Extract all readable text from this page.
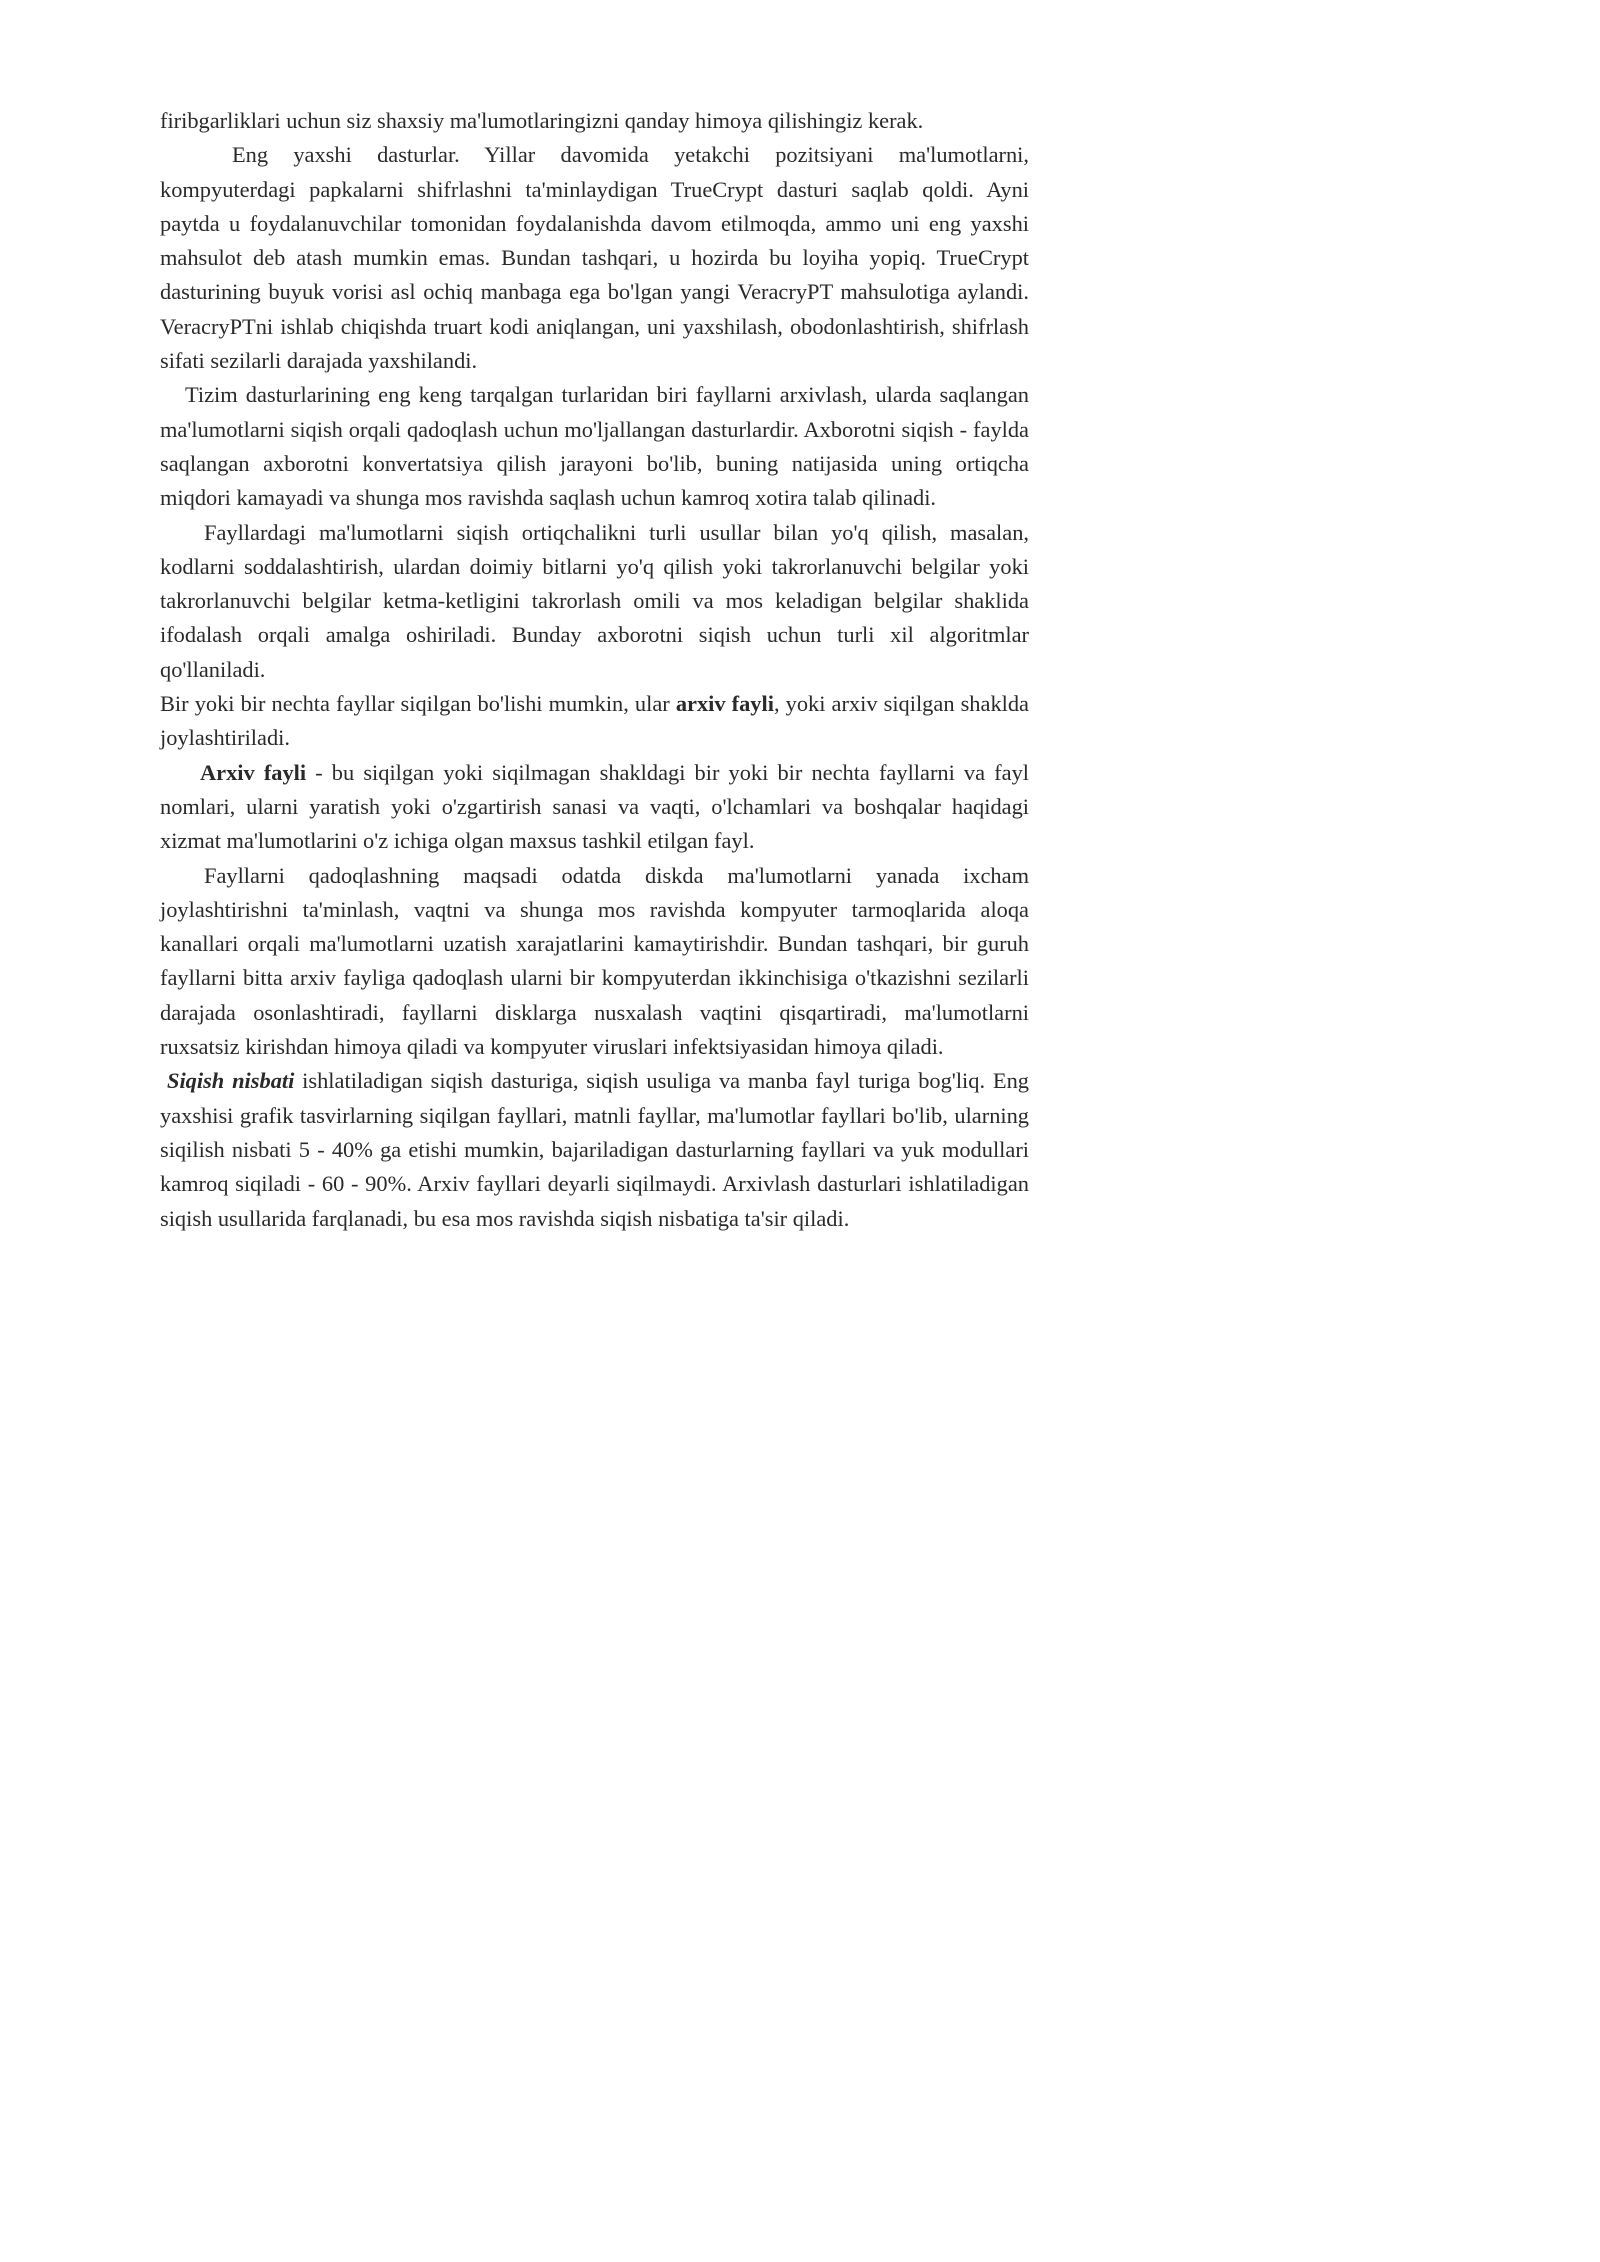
firibgarliklari uchun siz shaxsiy ma'lumotlaringizni qanday himoya qilishingiz kerak.

Eng yaxshi dasturlar. Yillar davomida yetakchi pozitsiyani ma'lumotlarni, kompyuterdagi papkalarni shifrlashni ta'minlaydigan TrueCrypt dasturi saqlab qoldi. Ayni paytda u foydalanuvchilar tomonidan foydalanishda davom etilmoqda, ammo uni eng yaxshi mahsulot deb atash mumkin emas. Bundan tashqari, u hozirda bu loyiha yopiq. TrueCrypt dasturining buyuk vorisi asl ochiq manbaga ega bo'lgan yangi VeracryPT mahsulotiga aylandi. VeracryPTni ishlab chiqishda truart kodi aniqlangan, uni yaxshilash, obodonlashtirish, shifrlash sifati sezilarli darajada yaxshilandi.

Tizim dasturlarining eng keng tarqalgan turlaridan biri fayllarni arxivlash, ularda saqlangan ma'lumotlarni siqish orqali qadoqlash uchun mo'ljallangan dasturlardir. Axborotni siqish - faylda saqlangan axborotni konvertatsiya qilish jarayoni bo'lib, buning natijasida uning ortiqcha miqdori kamayadi va shunga mos ravishda saqlash uchun kamroq xotira talab qilinadi.

Fayllardagi ma'lumotlarni siqish ortiqchalikni turli usullar bilan yo'q qilish, masalan, kodlarni soddalashtirish, ulardan doimiy bitlarni yo'q qilish yoki takrorlanuvchi belgilar yoki takrorlanuvchi belgilar ketma-ketligini takrorlash omili va mos keladigan belgilar shaklida ifodalash orqali amalga oshiriladi. Bunday axborotni siqish uchun turli xil algoritmlar qo'llaniladi.

Bir yoki bir nechta fayllar siqilgan bo'lishi mumkin, ular arxiv fayli, yoki arxiv siqilgan shaklda joylashtiriladi.

Arxiv fayli - bu siqilgan yoki siqilmagan shakldagi bir yoki bir nechta fayllarni va fayl nomlari, ularni yaratish yoki o'zgartirish sanasi va vaqti, o'lchamlari va boshqalar haqidagi xizmat ma'lumotlarini o'z ichiga olgan maxsus tashkil etilgan fayl.

Fayllarni qadoqlashning maqsadi odatda diskda ma'lumotlarni yanada ixcham joylashtirishni ta'minlash, vaqtni va shunga mos ravishda kompyuter tarmoqlarida aloqa kanallari orqali ma'lumotlarni uzatish xarajatlarini kamaytirishdir. Bundan tashqari, bir guruh fayllarni bitta arxiv fayliga qadoqlash ularni bir kompyuterdan ikkinchisiga o'tkazishni sezilarli darajada osonlashtiradi, fayllarni disklarga nusxalash vaqtini qisqartiradi, ma'lumotlarni ruxsatsiz kirishdan himoya qiladi va kompyuter viruslari infektsiyasidan himoya qiladi.

Siqish nisbati ishlatiladigan siqish dasturiga, siqish usuliga va manba fayl turiga bog'liq. Eng yaxshisi grafik tasvirlarning siqilgan fayllari, matnli fayllar, ma'lumotlar fayllari bo'lib, ularning siqilish nisbati 5 - 40% ga etishi mumkin, bajariladigan dasturlarning fayllari va yuk modullari kamroq siqiladi - 60 - 90%. Arxiv fayllari deyarli siqilmaydi. Arxivlash dasturlari ishlatiladigan siqish usullarida farqlanadi, bu esa mos ravishda siqish nisbatiga ta'sir qiladi.
